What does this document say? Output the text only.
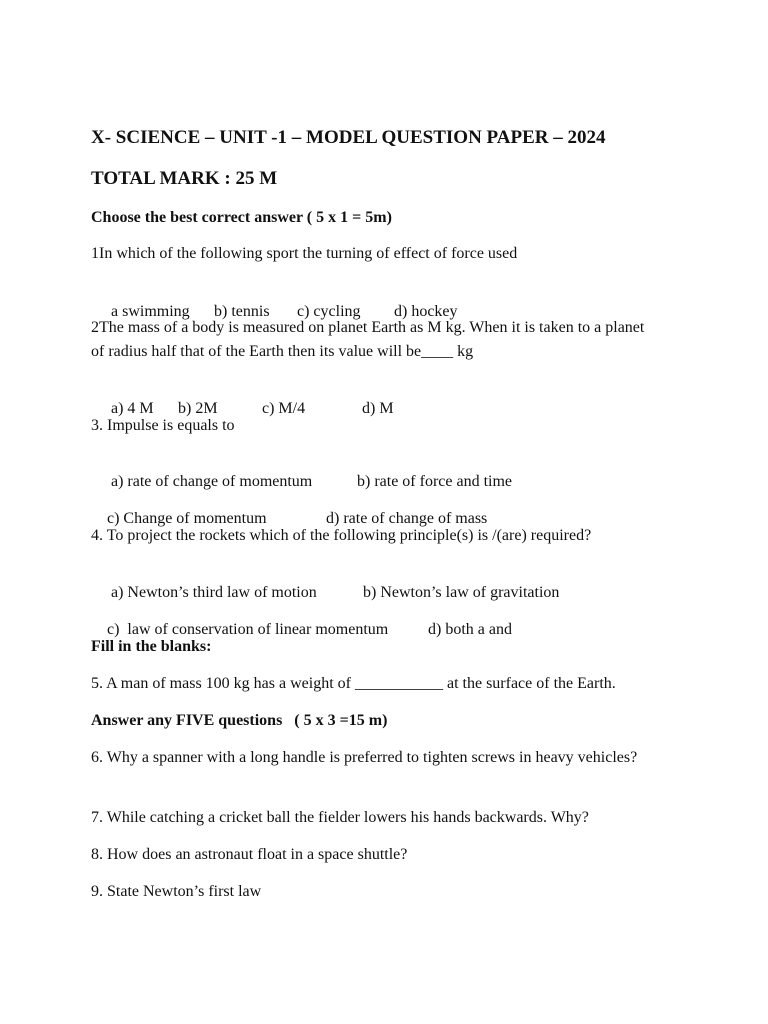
X- SCIENCE – UNIT -1 – MODEL QUESTION PAPER – 2024
TOTAL MARK : 25 M
Choose the best correct answer ( 5 x 1 = 5m)
1In which of the following sport the turning of effect of force used

a swimming b) tennis c) cycling d) hockey

2The mass of a body is measured on planet Earth as M kg. When it is taken to a planet of radius half that of the Earth then its value will be____ kg

a) 4 M b) 2M	c) M/4	d) M

3. Impulse is equals to

a) rate of change of momentum	b) rate of force and time

c) Change of momentum	d) rate of change of mass

4. To project the rockets which of the following principle(s) is /(are) required?

a) Newton’s third law of motion	b) Newton’s law of gravitation

c)  law of conservation of linear momentum d) both a and

Fill in the blanks:
5. A man of mass 100 kg has a weight of ___________ at the surface of the Earth.
Answer any FIVE questions   ( 5 x 3 =15 m)
6. Why a spanner with a long handle is preferred to tighten screws in heavy vehicles?
7. While catching a cricket ball the fielder lowers his hands backwards. Why?
8. How does an astronaut float in a space shuttle?
9. State Newton’s first law
